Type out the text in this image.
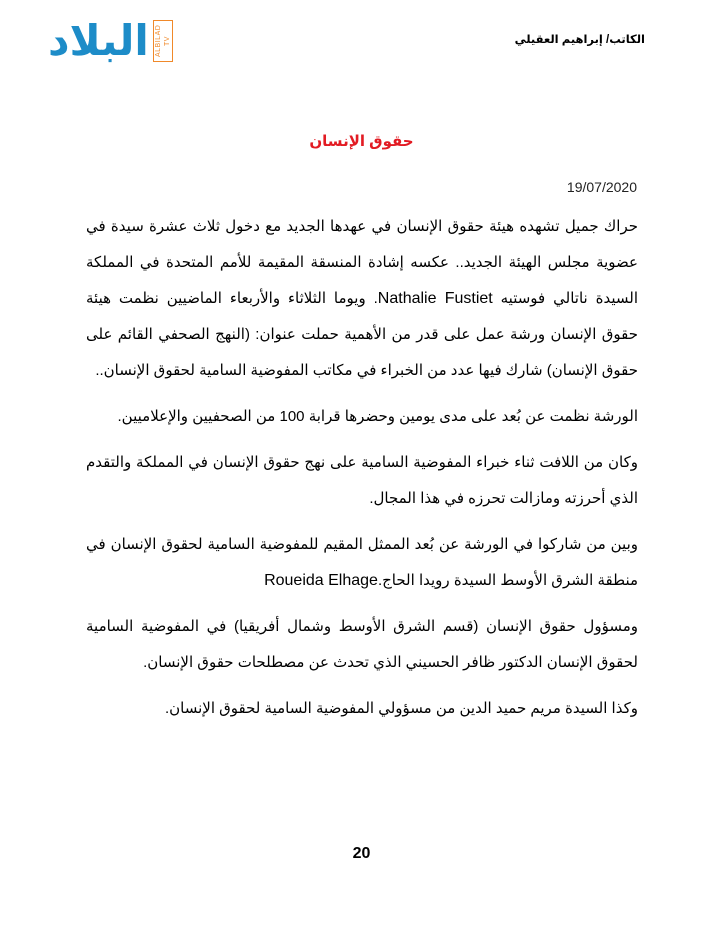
البلاد ALBILAD TV	الكاتب/ إبراهيم العقيلي
حقوق الإنسان
19/07/2020

حراك جميل تشهده هيئة حقوق الإنسان في عهدها الجديد مع دخول ثلاث عشرة سيدة في عضوية مجلس الهيئة الجديد.. عكسه إشادة المنسقة المقيمة للأمم المتحدة في المملكة السيدة ناتالي فوستيه Nathalie Fustiet. ويوما الثلاثاء والأربعاء الماضيين نظمت هيئة حقوق الإنسان ورشة عمل على قدر من الأهمية حملت عنوان: (النهج الصحفي القائم على حقوق الإنسان) شارك فيها عدد من الخبراء في مكاتب المفوضية السامية لحقوق الإنسان..

الورشة نظمت عن بُعد على مدى يومين وحضرها قرابة 100 من الصحفيين والإعلاميين.

وكان من اللافت ثناء خبراء المفوضية السامية على نهج حقوق الإنسان في المملكة والتقدم الذي أحرزته ومازالت تحرزه في هذا المجال.

وبين من شاركوا في الورشة عن بُعد الممثل المقيم للمفوضية السامية لحقوق الإنسان في منطقة الشرق الأوسط السيدة رويدا الحاج.Roueida Elhage

ومسؤول حقوق الإنسان (قسم الشرق الأوسط وشمال أفريقيا) في المفوضية السامية لحقوق الإنسان الدكتور ظافر الحسيني الذي تحدث عن مصطلحات حقوق الإنسان.

وكذا السيدة مريم حميد الدين من مسؤولي المفوضية السامية لحقوق الإنسان.

20
